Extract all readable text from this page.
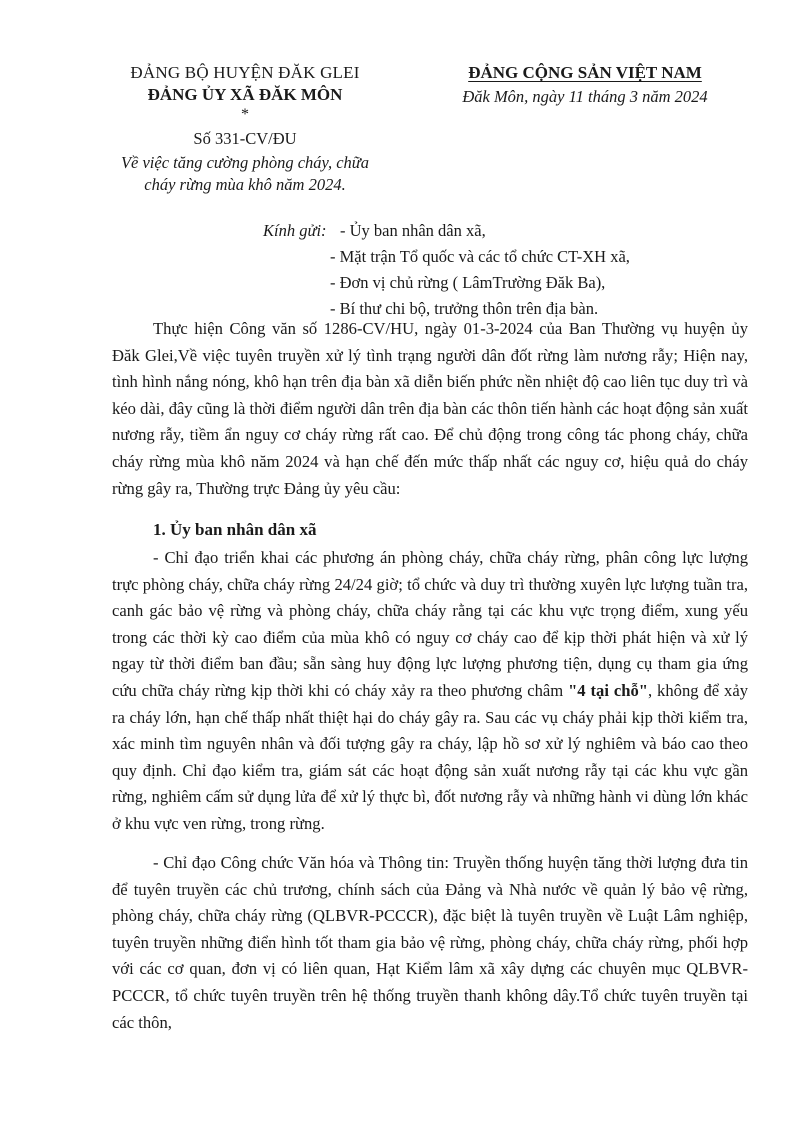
ĐẢNG BỘ HUYỆN ĐĂK GLEI
ĐẢNG ỦY XÃ ĐĂK MÔN
*
ĐẢNG CỘNG SẢN VIỆT NAM
Đăk Môn, ngày 11 tháng 3 năm 2024
Số 331-CV/ĐU
Về việc tăng cường phòng cháy, chữa
cháy rừng mùa khô năm 2024.
Kính gửi: - Ủy ban nhân dân xã,
- Mặt trận Tổ quốc và các tổ chức CT-XH xã,
- Đơn vị chủ rừng ( LâmTrường Đăk Ba),
- Bí thư chi bộ, trưởng thôn trên địa bàn.
Thực hiện Công văn số 1286-CV/HU, ngày 01-3-2024 của Ban Thường vụ huyện ủy Đăk Glei,Về việc tuyên truyền xử lý tình trạng người dân đốt rừng làm nương rẫy; Hiện nay, tình hình nắng nóng, khô hạn trên địa bàn xã diễn biến phức nền nhiệt độ cao liên tục duy trì và kéo dài, đây cũng là thời điểm người dân trên địa bàn các thôn tiến hành các hoạt động sản xuất nương rẫy, tiềm ẩn nguy cơ cháy rừng rất cao. Để chủ động trong công tác phong cháy, chữa cháy rừng mùa khô năm 2024 và hạn chế đến mức thấp nhất các nguy cơ, hiệu quả do cháy rừng gây ra, Thường trực Đảng ủy yêu cầu:
1. Ủy ban nhân dân xã
- Chỉ đạo triển khai các phương án phòng cháy, chữa cháy rừng, phân công lực lượng trực phòng cháy, chữa cháy rừng 24/24 giờ; tổ chức và duy trì thường xuyên lực lượng tuần tra, canh gác bảo vệ rừng và phòng cháy, chữa cháy rằng tại các khu vực trọng điểm, xung yếu trong các thời kỳ cao điểm của mùa khô có nguy cơ cháy cao để kịp thời phát hiện và xử lý ngay từ thời điểm ban đầu; sẵn sàng huy động lực lượng phương tiện, dụng cụ tham gia ứng cứu chữa cháy rừng kịp thời khi có cháy xảy ra theo phương châm "4 tại chỗ", không để xảy ra cháy lớn, hạn chế thấp nhất thiệt hại do cháy gây ra. Sau các vụ cháy phải kịp thời kiểm tra, xác minh tìm nguyên nhân và đối tượng gây ra cháy, lập hồ sơ xử lý nghiêm và báo cao theo quy định. Chỉ đạo kiểm tra, giám sát các hoạt động sản xuất nương rẫy tại các khu vực gần rừng, nghiêm cấm sử dụng lửa để xử lý thực bì, đốt nương rẫy và những hành vi dùng lớn khác ở khu vực ven rừng, trong rừng.
- Chỉ đạo Công chức Văn hóa và Thông tin: Truyền thống huyện tăng thời lượng đưa tin để tuyên truyền các chủ trương, chính sách của Đảng và Nhà nước về quản lý bảo vệ rừng, phòng cháy, chữa cháy rừng (QLBVR-PCCCR), đặc biệt là tuyên truyền về Luật Lâm nghiệp, tuyên truyền những điển hình tốt tham gia bảo vệ rừng, phòng cháy, chữa cháy rừng, phối hợp với các cơ quan, đơn vị có liên quan, Hạt Kiểm lâm xã xây dựng các chuyên mục QLBVR-PCCCR, tổ chức tuyên truyền trên hệ thống truyền thanh không dây.Tổ chức tuyên truyền tại các thôn,
